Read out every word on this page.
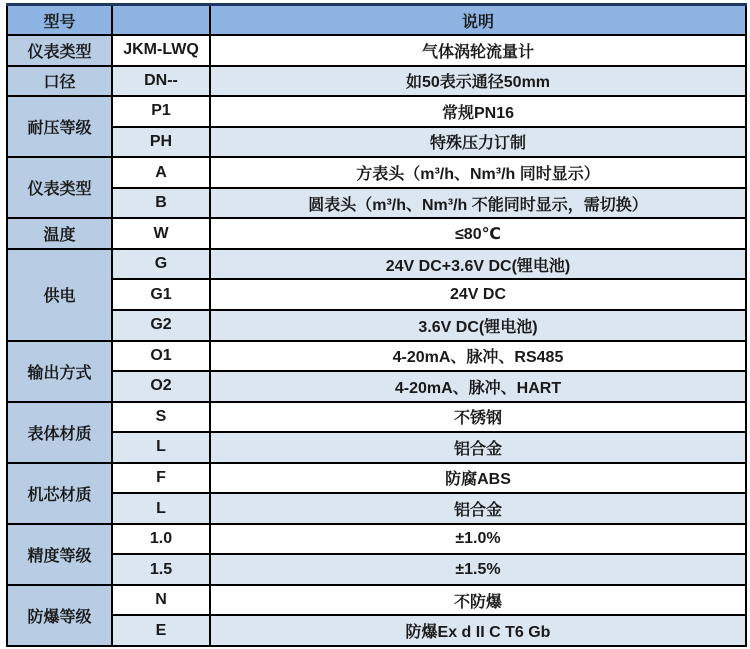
型号		说明
仪表类型	JKM-LWQ	气体涡轮流量计
口径	DN--	如50表示通径50mm
耐压等级	P1	常规PN16
	PH	特殊压力订制
仪表类型	A	方表头（m³/h、Nm³/h 同时显示）
	B	圆表头（m³/h、Nm³/h 不能同时显示，需切换）
温度	W	≤80℃
供电	G	24V DC+3.6V DC(锂电池)
	G1	24V DC
	G2	3.6V DC(锂电池)
输出方式	O1	4-20mA、脉冲、RS485
	O2	4-20mA、脉冲、HART
表体材质	S	不锈钢
	L	铝合金
机芯材质	F	防腐ABS
	L	铝合金
精度等级	1.0	±1.0%
	1.5	±1.5%
防爆等级	N	不防爆
	E	防爆Ex d II C T6 Gb
